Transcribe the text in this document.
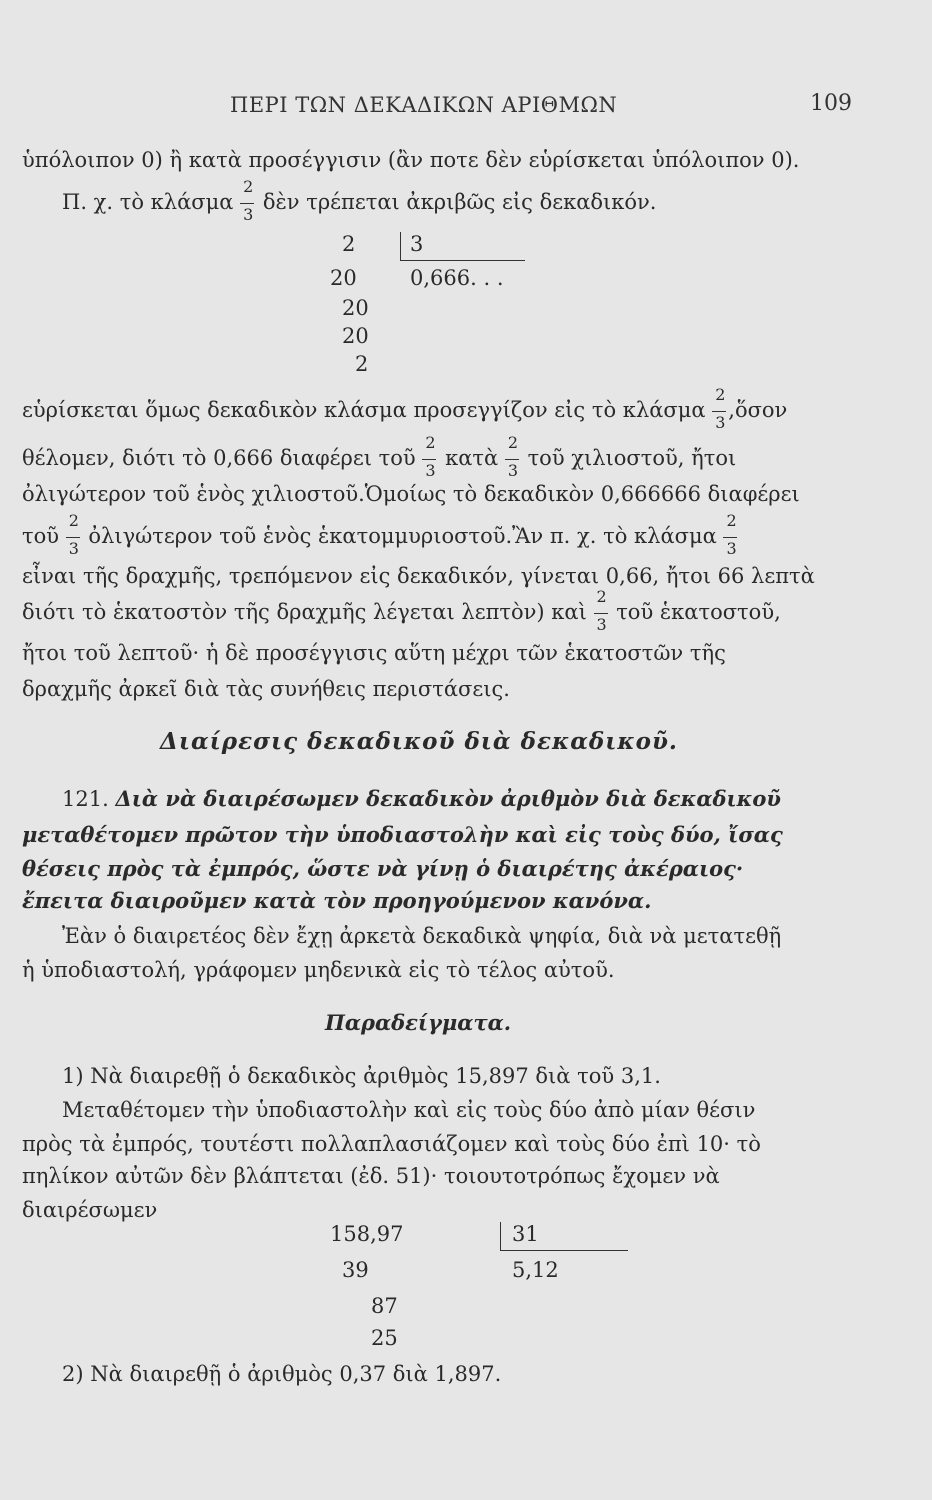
ΠΕΡΙ ΤΩΝ ΔΕΚΑΔΙΚΩΝ ΑΡΙΘΜΩΝ	109
ὑπόλοιπον 0) ἢ κατὰ προσέγγισιν (ἂν ποτε δὲν εὑρίσκεται ὑπόλοιπον 0).
Π. χ. τὸ κλάσμα $\frac{2}{3}$ δὲν τρέπεται ἀκριβῶς εἰς δεκαδικόν.
2
20
20
20
2
3
0,666. . .
εὑρίσκεται ὅμως δεκαδικὸν κλάσμα προσεγγίζον εἰς τὸ κλάσμα $\frac{2}{3}$ ,ὅσον
θέλομεν, διότι τὸ 0,666 διαφέρει τοῦ $\frac{2}{3}$ κατὰ $\frac{2}{3}$ τοῦ χιλιοστοῦ, ἤτοι
ὀλιγώτερον τοῦ ἑνὸς χιλιοστοῦ.Ὁμοίως τὸ δεκαδικὸν 0,666666 διαφέρει
τοῦ $\frac{2}{3}$ ὀλιγώτερον τοῦ ἑνὸς ἑκατομμυριοστοῦ.Ἂν π. χ. τὸ κλάσμα $\frac{2}{3}$
εἶναι τῆς δραχμῆς, τρεπόμενον εἰς δεκαδικόν, γίνεται 0,66, ἤτοι 66 λεπτὰ
διότι τὸ ἑκατοστὸν τῆς δραχμῆς λέγεται λεπτὸν) καὶ $\frac{2}{3}$ τοῦ ἑκατοστοῦ,
ἤτοι τοῦ λεπτοῦ· ἡ δὲ προσέγγισις αὕτη μέχρι τῶν ἑκατοστῶν τῆς
δραχμῆς ἀρκεῖ διὰ τὰς συνήθεις περιστάσεις.
Διαίρεσις δεκαδικοῦ διὰ δεκαδικοῦ.
121. Διὰ νὰ διαιρέσωμεν δεκαδικὸν ἀριθμὸν διὰ δεκαδικοῦ
μεταθέτομεν πρῶτον τὴν ὑποδιαστολὴν καὶ εἰς τοὺς δύο, ἴσας
θέσεις πρὸς τὰ ἐμπρός, ὥστε νὰ γίνῃ ὁ διαιρέτης ἀκέραιος·
ἔπειτα διαιροῦμεν κατὰ τὸν προηγούμενον κανόνα.
Ἐὰν ὁ διαιρετέος δὲν ἔχῃ ἀρκετὰ δεκαδικὰ ψηφία, διὰ νὰ μετατεθῇ
ἡ ὑποδιαστολή, γράφομεν μηδενικὰ εἰς τὸ τέλος αὐτοῦ.
Παραδείγματα.
1) Νὰ διαιρεθῇ ὁ δεκαδικὸς ἀριθμὸς 15,897 διὰ τοῦ 3,1.
Μεταθέτομεν τὴν ὑποδιαστολὴν καὶ εἰς τοὺς δύο ἀπὸ μίαν θέσιν
πρὸς τὰ ἐμπρός, τουτέστι πολλαπλασιάζομεν καὶ τοὺς δύο ἐπὶ 10· τὸ
πηλίκον αὐτῶν δὲν βλάπτεται (ἐδ. 51)· τοιουτοτρόπως ἔχομεν νὰ
διαιρέσωμεν
158,97
39
87
25
31
5,12
2) Νὰ διαιρεθῇ ὁ ἀριθμὸς 0,37 διὰ 1,897.
